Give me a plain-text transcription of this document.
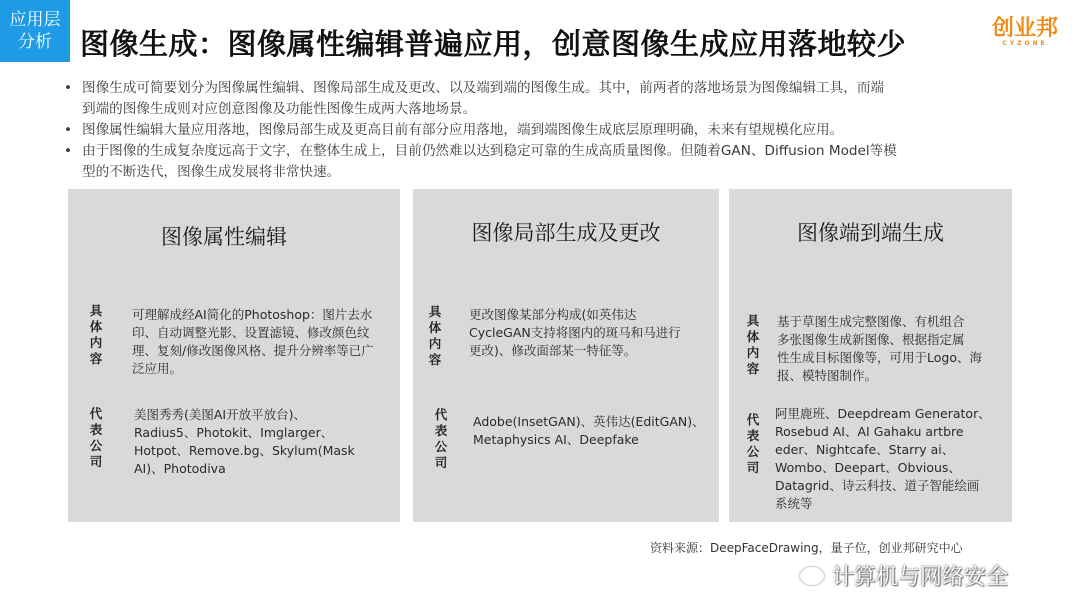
应用层
分析 图像生成：图像属性编辑普遍应用，创意图像生成应用落地较少	创业邦
CYZONE
• 图像生成可简要划分为图像属性编辑、图像局部生成及更改、以及端到端的图像生成。其中，前两者的落地场景为图像编辑工具，而端
到端的图像生成则对应创意图像及功能性图像生成两大落地场景。
• 图像属性编辑大量应用落地，图像局部生成及更高目前有部分应用落地，端到端图像生成底层原理明确，未来有望规模化应用。
• 由于图像的生成复杂度远高于文字，在整体生成上，目前仍然难以达到稳定可靠的生成高质量图像。但随着GAN、Diffusion Model等模
型的不断迭代，图像生成发展将非常快速。
图像属性编辑
具
体
内
容
可理解成经AI简化的Photoshop：图片去水
印、自动调整光影、设置滤镜、修改颜色纹
理、复刻/修改图像风格、提升分辨率等已广
泛应用。
代
表
公
司
美图秀秀(美图AI开放平放台)、
Radius5、Photokit、Imglarger、
Hotpot、Remove.bg、Skylum(Mask
AI)、Photodiva
图像局部生成及更改
具
体
内
容
更改图像某部分构成(如英伟达
CycleGAN支持将图内的斑马和马进行
更改)、修改面部某一特征等。
代
表
公
司
Adobe(InsetGAN)、英伟达(EditGAN)、
Metaphysics AI、Deepfake
图像端到端生成
具
体
内
容
基于草图生成完整图像、有机组合
多张图像生成新图像、根据指定属
性生成目标图像等，可用于Logo、海
报、模特图制作。
代
表
公
司
阿里鹿班、Deepdream Generator、
Rosebud AI、AI Gahaku artbre
eder、Nightcafe、Starry ai、
Wombo、Deepart、Obvious、
Datagrid、诗云科技、道子智能绘画
系统等
资料来源：DeepFaceDrawing，量子位，创业邦研究中心
计算机与网络安全
